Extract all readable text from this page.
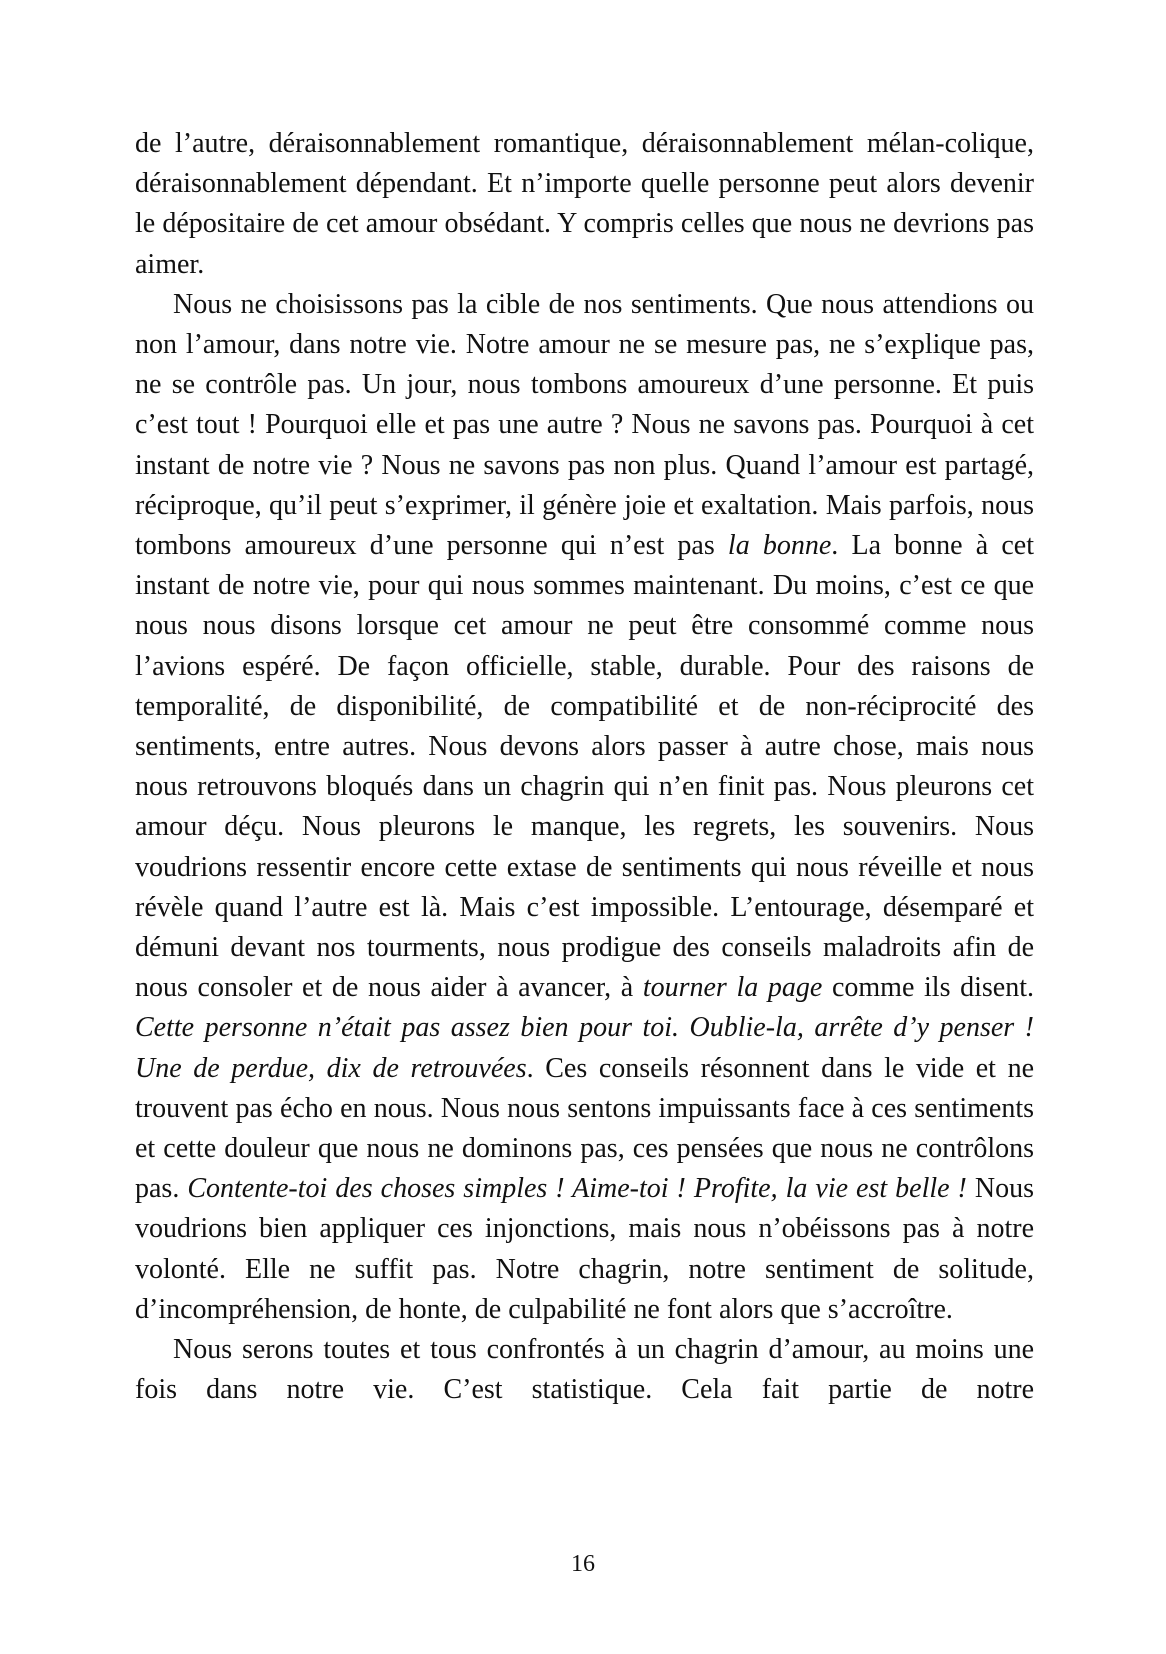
de l’autre, déraisonnablement romantique, déraisonnablement mélan-colique, déraisonnablement dépendant. Et n’importe quelle personne peut alors devenir le dépositaire de cet amour obsédant. Y compris celles que nous ne devrions pas aimer.

Nous ne choisissons pas la cible de nos sentiments. Que nous attendions ou non l’amour, dans notre vie. Notre amour ne se mesure pas, ne s’explique pas, ne se contrôle pas. Un jour, nous tombons amoureux d’une personne. Et puis c’est tout ! Pourquoi elle et pas une autre ? Nous ne savons pas. Pourquoi à cet instant de notre vie ? Nous ne savons pas non plus. Quand l’amour est partagé, réciproque, qu’il peut s’exprimer, il génère joie et exaltation. Mais parfois, nous tombons amoureux d’une personne qui n’est pas la bonne. La bonne à cet instant de notre vie, pour qui nous sommes maintenant. Du moins, c’est ce que nous nous disons lorsque cet amour ne peut être consommé comme nous l’avions espéré. De façon officielle, stable, durable. Pour des raisons de temporalité, de disponibilité, de compatibilité et de non-réciprocité des sentiments, entre autres. Nous devons alors passer à autre chose, mais nous nous retrouvons bloqués dans un chagrin qui n’en finit pas. Nous pleurons cet amour déçu. Nous pleurons le manque, les regrets, les souvenirs. Nous voudrions ressentir encore cette extase de sentiments qui nous réveille et nous révèle quand l’autre est là. Mais c’est impossible. L’entourage, désemparé et démuni devant nos tourments, nous prodigue des conseils maladroits afin de nous consoler et de nous aider à avancer, à tourner la page comme ils disent. Cette personne n’était pas assez bien pour toi. Oublie-la, arrête d’y penser ! Une de perdue, dix de retrouvées. Ces conseils résonnent dans le vide et ne trouvent pas écho en nous. Nous nous sentons impuissants face à ces sentiments et cette douleur que nous ne dominons pas, ces pensées que nous ne contrôlons pas. Contente-toi des choses simples ! Aime-toi ! Profite, la vie est belle ! Nous voudrions bien appliquer ces injonctions, mais nous n’obéissons pas à notre volonté. Elle ne suffit pas. Notre chagrin, notre sentiment de solitude, d’incompréhension, de honte, de culpabilité ne font alors que s’accroître.

Nous serons toutes et tous confrontés à un chagrin d’amour, au moins une fois dans notre vie. C’est statistique. Cela fait partie de notre

16
